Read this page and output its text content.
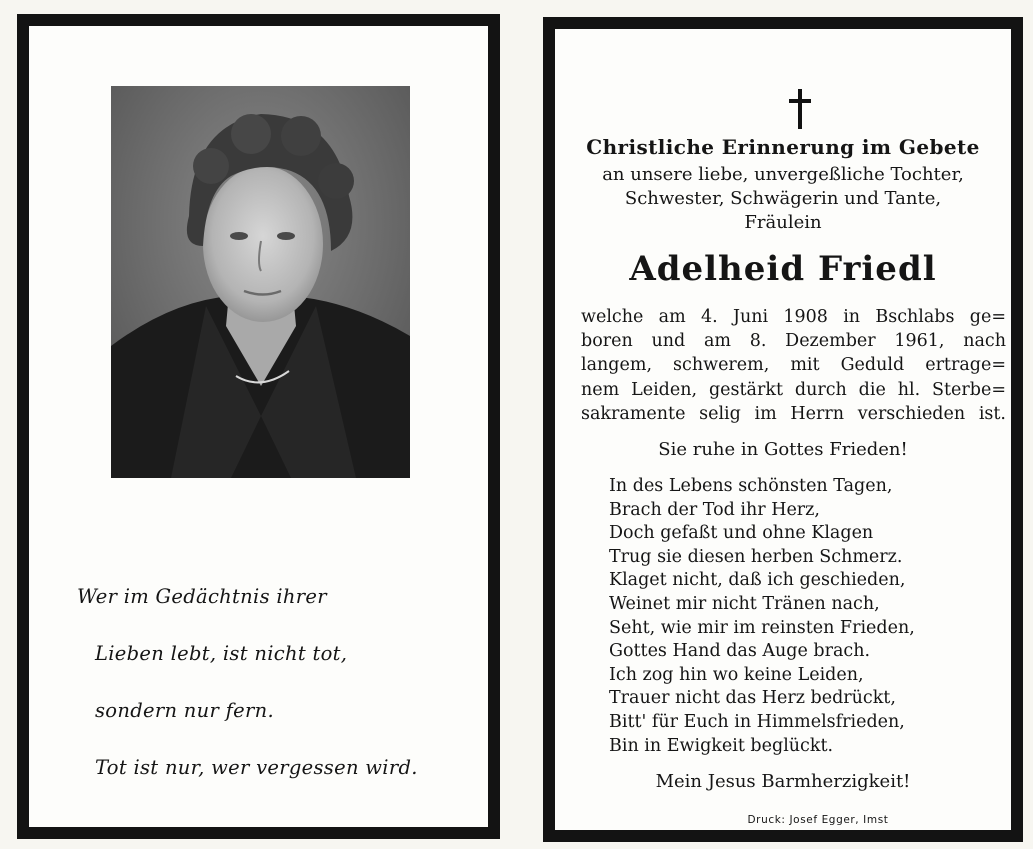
Wer im Gedächtnis ihrer
Lieben lebt, ist nicht tot,
sondern nur fern.
Tot ist nur, wer vergessen wird.
Christliche Erinnerung im Gebete
an unsere liebe, unvergeßliche Tochter,
Schwester, Schwägerin und Tante,
Fräulein
Adelheid Friedl
welche am 4. Juni 1908 in Bschlabs ge=
boren und am 8. Dezember 1961, nach
langem, schwerem, mit Geduld ertrage=
nem Leiden, gestärkt durch die hl. Sterbe=
sakramente selig im Herrn verschieden ist.
Sie ruhe in Gottes Frieden!
In des Lebens schönsten Tagen,
Brach der Tod ihr Herz,
Doch gefaßt und ohne Klagen
Trug sie diesen herben Schmerz.
Klaget nicht, daß ich geschieden,
Weinet mir nicht Tränen nach,
Seht, wie mir im reinsten Frieden,
Gottes Hand das Auge brach.
Ich zog hin wo keine Leiden,
Trauer nicht das Herz bedrückt,
Bitt' für Euch in Himmelsfrieden,
Bin in Ewigkeit beglückt.
Mein Jesus Barmherzigkeit!
Druck: Josef Egger, Imst
